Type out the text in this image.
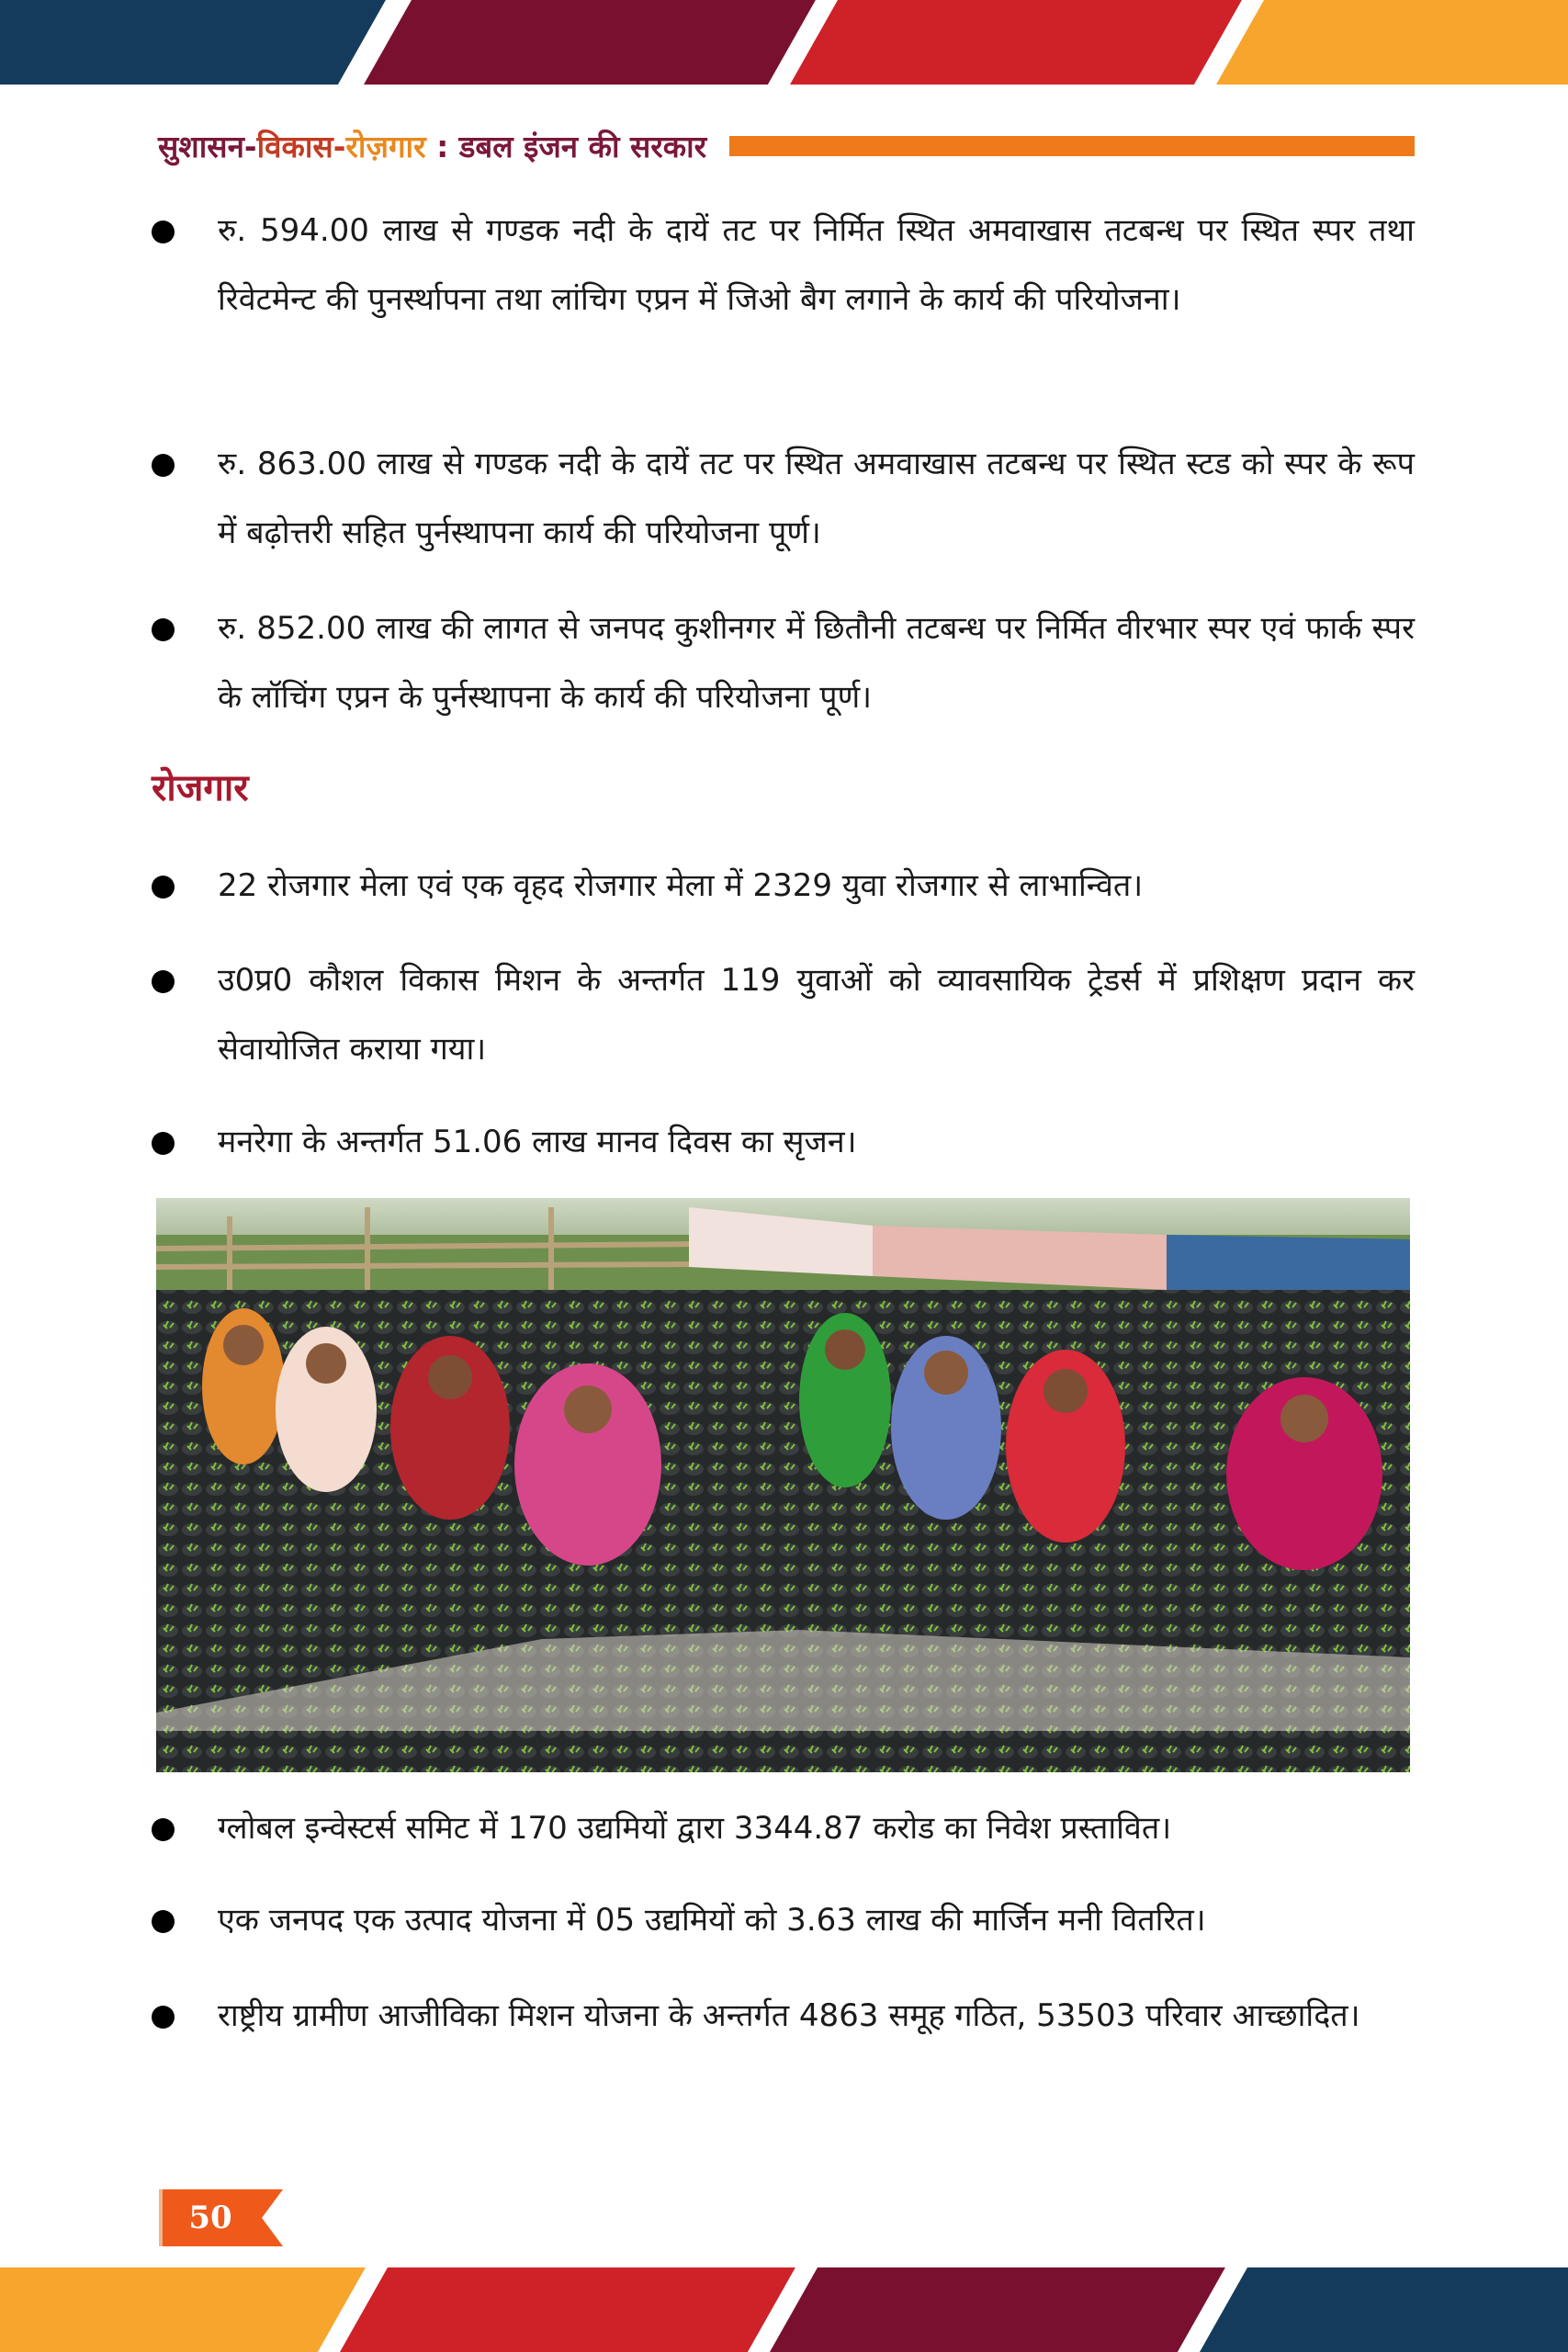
सुशासन-विकास-रोज़गार : डबल इंजन की सरकार
रु. 594.00 लाख से गण्डक नदी के दायें तट पर निर्मित स्थित अमवाखास तटबन्ध पर स्थित स्पर तथा रिवेटमेन्ट की पुनर्स्थापना तथा लांचिग एप्रन में जिओ बैग लगाने के कार्य की परियोजना।
रु. 863.00 लाख से गण्डक नदी के दायें तट पर स्थित अमवाखास तटबन्ध पर स्थित स्टड को स्पर के रूप में बढ़ोत्तरी सहित पुर्नस्थापना कार्य की परियोजना पूर्ण।
रु. 852.00 लाख की लागत से जनपद कुशीनगर में छितौनी तटबन्ध पर निर्मित वीरभार स्पर एवं फार्क स्पर के लॉचिंग एप्रन के पुर्नस्थापना के कार्य की परियोजना पूर्ण।
रोजगार
22 रोजगार मेला एवं एक वृहद रोजगार मेला में 2329 युवा रोजगार से लाभान्वित।
उ0प्र0 कौशल विकास मिशन के अन्तर्गत 119 युवाओं को व्यावसायिक ट्रेडर्स में प्रशिक्षण प्रदान कर सेवायोजित कराया गया।
मनरेगा के अन्तर्गत 51.06 लाख मानव दिवस का सृजन।
ग्लोबल इन्वेस्टर्स समिट में 170 उद्यमियों द्वारा 3344.87 करोड का निवेश प्रस्तावित।
एक जनपद एक उत्पाद योजना में 05 उद्यमियों को 3.63 लाख की मार्जिन मनी वितरित।
राष्ट्रीय ग्रामीण आजीविका मिशन योजना के अन्तर्गत 4863 समूह गठित, 53503 परिवार आच्छादित।
50
